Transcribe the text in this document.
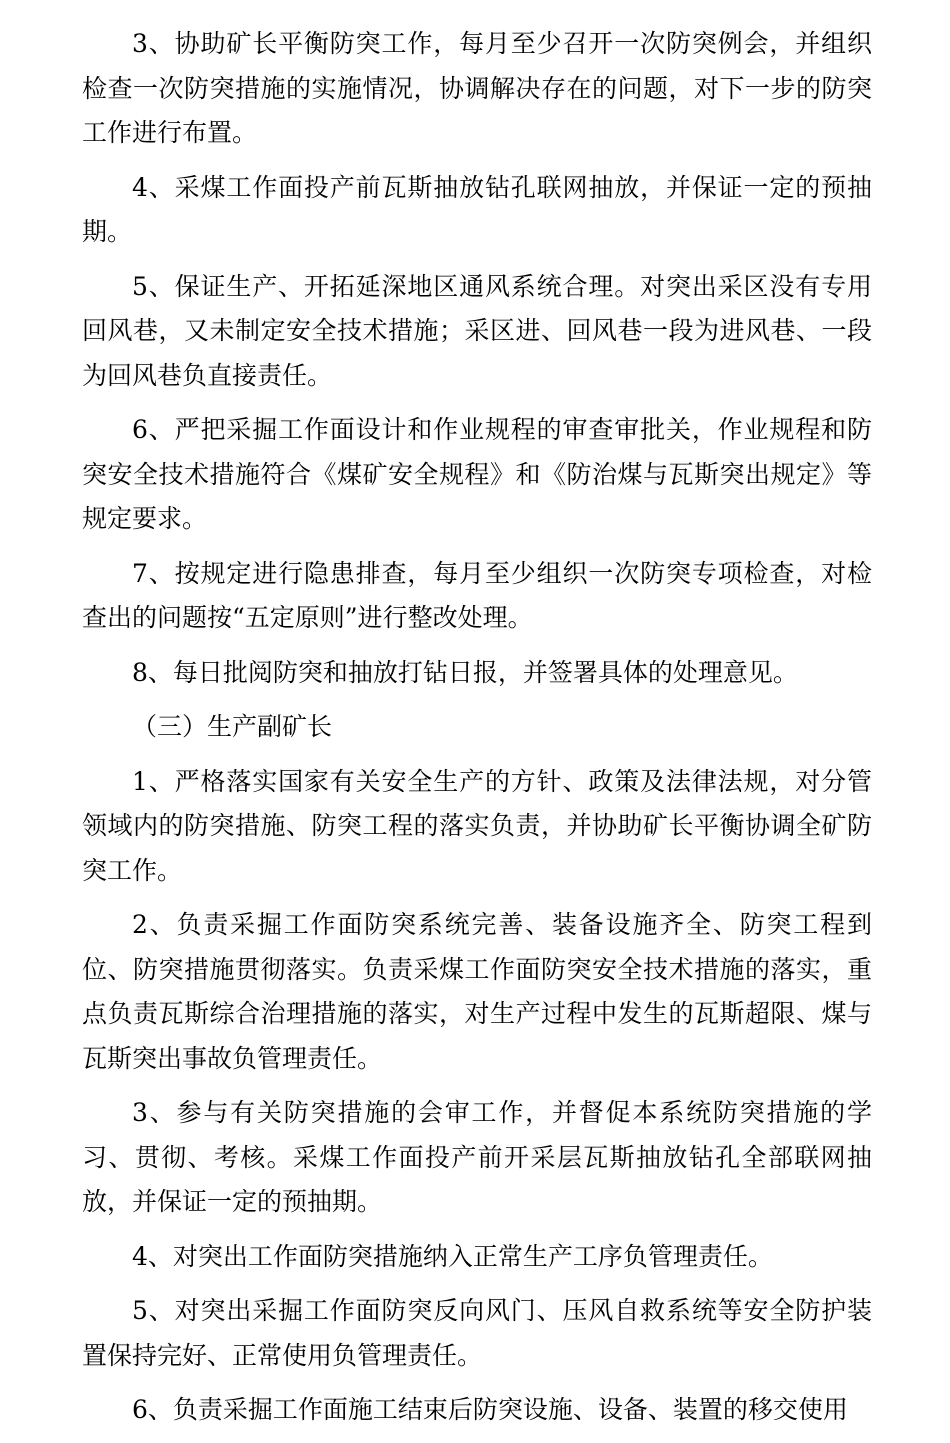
3、协助矿长平衡防突工作，每月至少召开一次防突例会，并组织检查一次防突措施的实施情况，协调解决存在的问题，对下一步的防突工作进行布置。

4、采煤工作面投产前瓦斯抽放钻孔联网抽放，并保证一定的预抽期。

5、保证生产、开拓延深地区通风系统合理。对突出采区没有专用回风巷，又未制定安全技术措施；采区进、回风巷一段为进风巷、一段为回风巷负直接责任。

6、严把采掘工作面设计和作业规程的审查审批关，作业规程和防突安全技术措施符合《煤矿安全规程》和《防治煤与瓦斯突出规定》等规定要求。

7、按规定进行隐患排查，每月至少组织一次防突专项检查，对检查出的问题按“五定原则”进行整改处理。

8、每日批阅防突和抽放打钻日报，并签署具体的处理意见。

（三）生产副矿长

1、严格落实国家有关安全生产的方针、政策及法律法规，对分管领域内的防突措施、防突工程的落实负责，并协助矿长平衡协调全矿防突工作。

2、负责采掘工作面防突系统完善、装备设施齐全、防突工程到位、防突措施贯彻落实。负责采煤工作面防突安全技术措施的落实，重点负责瓦斯综合治理措施的落实，对生产过程中发生的瓦斯超限、煤与瓦斯突出事故负管理责任。

3、参与有关防突措施的会审工作，并督促本系统防突措施的学习、贯彻、考核。采煤工作面投产前开采层瓦斯抽放钻孔全部联网抽放，并保证一定的预抽期。

4、对突出工作面防突措施纳入正常生产工序负管理责任。

5、对突出采掘工作面防突反向风门、压风自救系统等安全防护装置保持完好、正常使用负管理责任。

6、负责采掘工作面施工结束后防突设施、设备、装置的移交使用
